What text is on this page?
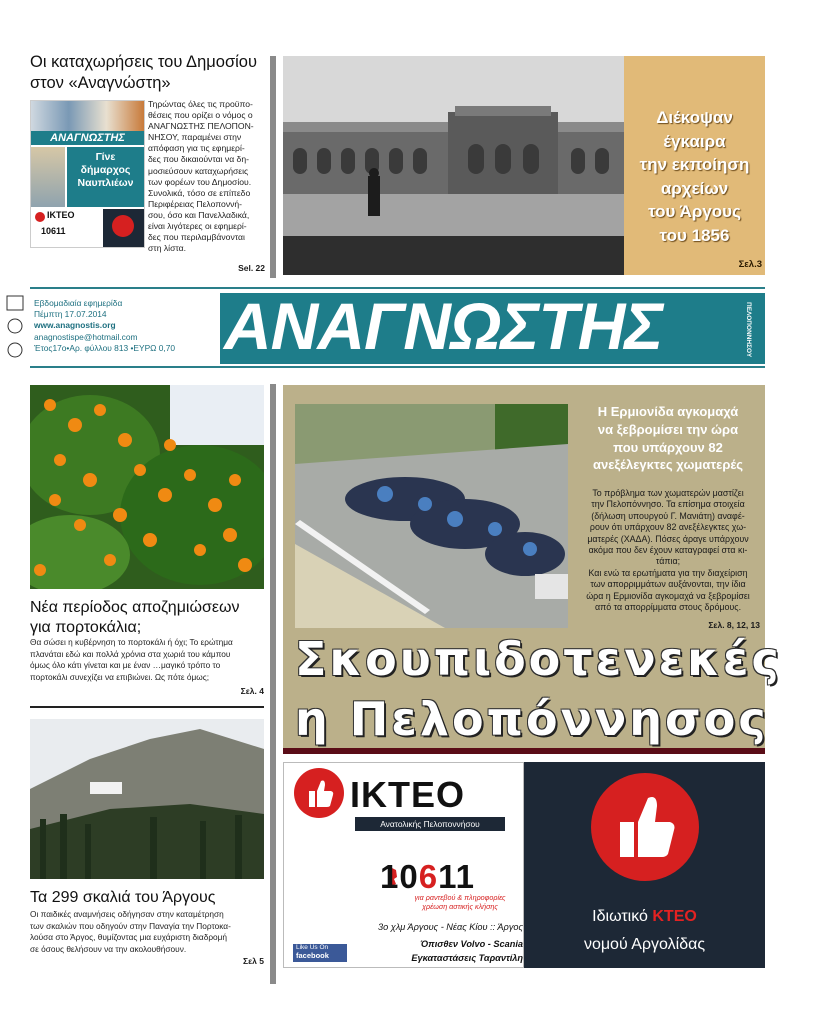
Οι καταχωρήσεις του Δημοσίου
στον «Αναγνώστη»
ΑΝΑΓΝΩΣΤΗΣ
Γίνε
δήμαρχος
Ναυπλιέων
ΙΚΤΕΟ
10611
Τηρώντας όλες τις προϋπο-
θέσεις που ορίζει ο νόμος ο
ΑΝΑΓΝΩΣΤΗΣ ΠΕΛΟΠΟΝ-
ΝΗΣΟΥ, παραμένει στην
απόφαση για τις εφημερί-
δες που δικαιούνται να δη-
μοσιεύσουν καταχωρήσεις
των φορέων του Δημοσίου.
Συνολικά, τόσο σε επίπεδο
Περιφέρειας Πελοποννή-
σου, όσο και Πανελλαδικά,
είναι λιγότερες οι εφημερί-
δες που περιλαμβάνονται
στη λίστα.
Sel. 22
Διέκοψαν
έγκαιρα
την εκποίηση
αρχείων
του Άργους
του 1856
Σελ.3
Εβδομαδιαία εφημερίδα
Πέμπτη 17.07.2014
www.anagnostis.org
anagnostispe@hotmail.com
Έτος17ο•Αρ. φύλλου 813 •ΕΥΡΩ 0,70 ΑΝΑΓΝΩΣΤΗΣ	ΠΕΛΟΠΟΝΝΗΣΟΥ
Νέα περίοδος αποζημιώσεων
για πορτοκάλια;
Θα σώσει η κυβέρνηση το πορτοκάλι ή όχι; Το ερώτημα
πλανάται εδώ και πολλά χρόνια στα χωριά του κάμπου
όμως όλο κάτι γίνεται και με έναν …μαγικό τρόπο το
πορτοκάλι συνεχίζει να επιβιώνει. Ως πότε όμως;
Σελ. 4
Τα 299 σκαλιά του Άργους
Οι παιδικές αναμνήσεις οδήγησαν στην καταμέτρηση
των σκαλιών που οδηγούν στην Παναγία την Πορτοκα-
λούσα στο Άργος, θυμίζοντας μια ευχάριστη διαδρομή
σε όσους θελήσουν να την ακολουθήσουν.
Σελ 5
Η Ερμιονίδα αγκομαχά
να ξεβρομίσει την ώρα
που υπάρχουν 82
ανεξέλεγκτες χωματερές
Το πρόβλημα των χωματερών μαστίζει
την Πελοπόννησο. Τα επίσημα στοιχεία
(δήλωση υπουργού Γ. Μανιάτη) αναφέ-
ρουν ότι υπάρχουν 82 ανεξέλεγκτες χω-
ματερές (ΧΑΔΑ). Πόσες άραγε υπάρχουν
ακόμα που δεν έχουν καταγραφεί στα κι-
τάπια;
Και ενώ τα ερωτήματα για την διαχείριση
των απορριμμάτων αυξάνονται, την ίδια
ώρα η Ερμιονίδα αγκομαχά να ξεβρομίσει
από τα απορρίμματα στους δρόμους.
Σελ. 8, 12, 13
Σκουπιδοτενεκές
η Πελοπόννησος
ΙΚΤΕΟ
Ανατολικής Πελοποννήσου
10611
για ραντεβού & πληροφορίες
χρέωση αστικής κλήσης
Like Us On
facebook
3ο χλμ Άργους - Νέας Κίου :: Άργος
Όπισθεν Volvo - Scania
Εγκαταστάσεις Ταραντίλη
Ιδιωτικό ΚΤΕΟ
νομού Αργολίδας
